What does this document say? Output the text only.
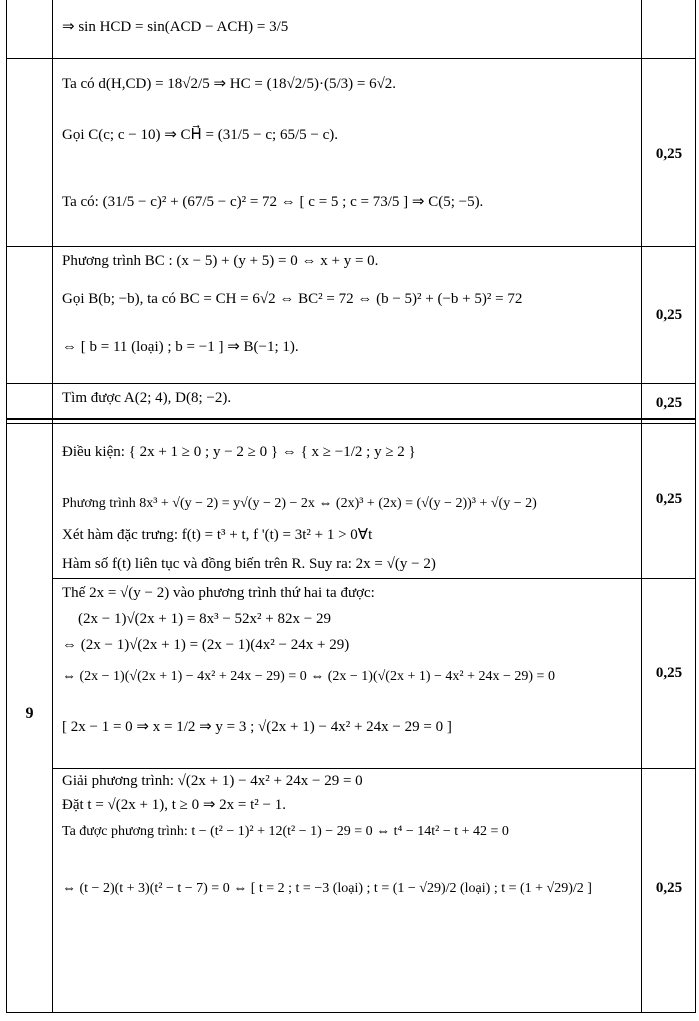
9
0,25
0,25
0,25
0,25
0,25
0,25
⇒ sin HCD = sin(ACD − ACH) = 3/5
Ta có d(H,CD) = 18√2/5 ⇒ HC = (18√2/5)·(5/3) = 6√2.
Gọi C(c; c − 10) ⇒ CH⃗ = (31/5 − c; 65/5 − c).
Ta có: (31/5 − c)² + (67/5 − c)² = 72 ⇔ [ c = 5 ; c = 73/5 ] ⇒ C(5; −5).
Phương trình BC : (x − 5) + (y + 5) = 0 ⇔ x + y = 0.
Gọi B(b; −b), ta có BC = CH = 6√2 ⇔ BC² = 72 ⇔ (b − 5)² + (−b + 5)² = 72
⇔ [ b = 11 (loại) ; b = −1 ] ⇒ B(−1; 1).
Tìm được A(2; 4), D(8; −2).
Điều kiện: { 2x + 1 ≥ 0 ; y − 2 ≥ 0 } ⇔ { x ≥ −1/2 ; y ≥ 2 }
Phương trình 8x³ + √(y − 2) = y√(y − 2) − 2x ⇔ (2x)³ + (2x) = (√(y − 2))³ + √(y − 2)
Xét hàm đặc trưng: f(t) = t³ + t, f '(t) = 3t² + 1 > 0∀t
Hàm số f(t) liên tục và đồng biến trên R. Suy ra: 2x = √(y − 2)
Thế 2x = √(y − 2) vào phương trình thứ hai ta được:
(2x − 1)√(2x + 1) = 8x³ − 52x² + 82x − 29
⇔ (2x − 1)√(2x + 1) = (2x − 1)(4x² − 24x + 29)
⇔ (2x − 1)(√(2x + 1) − 4x² + 24x − 29) = 0 ⇔ (2x − 1)(√(2x + 1) − 4x² + 24x − 29) = 0
[ 2x − 1 = 0 ⇒ x = 1/2 ⇒ y = 3 ; √(2x + 1) − 4x² + 24x − 29 = 0 ]
Giải phương trình: √(2x + 1) − 4x² + 24x − 29 = 0
Đặt t = √(2x + 1), t ≥ 0 ⇒ 2x = t² − 1.
Ta được phương trình: t − (t² − 1)² + 12(t² − 1) − 29 = 0 ⇔ t⁴ − 14t² − t + 42 = 0
⇔ (t − 2)(t + 3)(t² − t − 7) = 0 ⇔ [ t = 2 ; t = −3 (loại) ; t = (1 − √29)/2 (loại) ; t = (1 + √29)/2 ]
